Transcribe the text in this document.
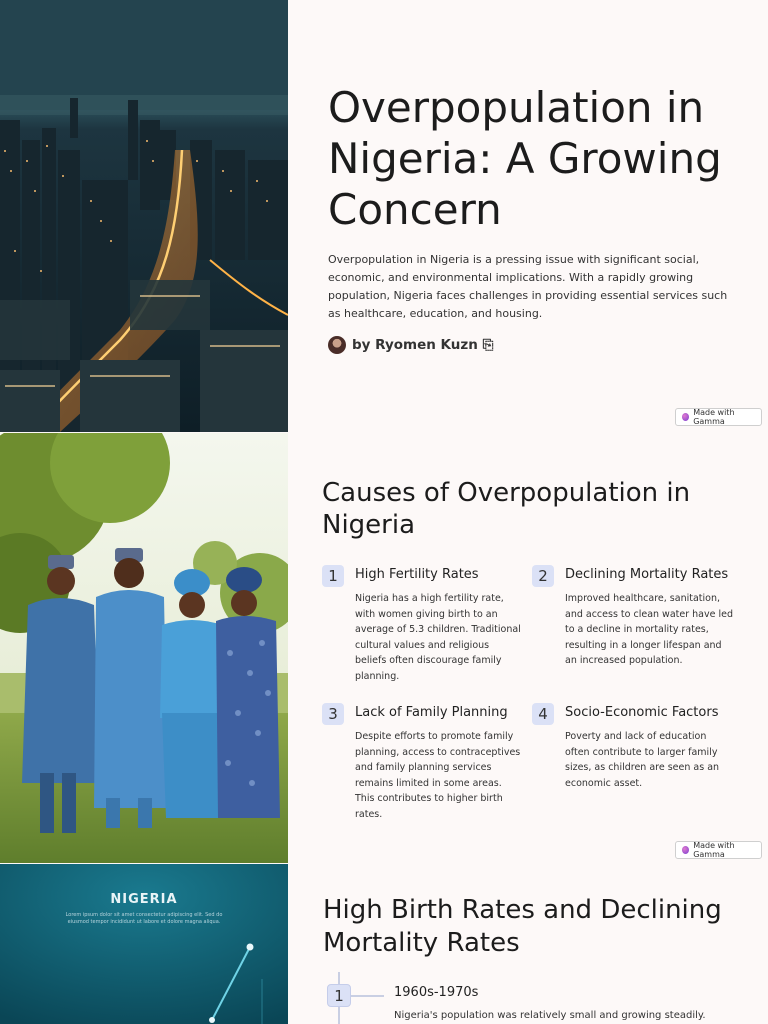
Overpopulation in Nigeria: A Growing Concern

Overpopulation in Nigeria is a pressing issue with significant social, economic, and environmental implications. With a rapidly growing population, Nigeria faces challenges in providing essential services such as healthcare, education, and housing.

by Ryomen Kuzn ⎘
Made with Gamma
Causes of Overpopulation in Nigeria
1	High Fertility Rates

Nigeria has a high fertility rate, with women giving birth to an average of 5.3 children. Traditional cultural values and religious beliefs often discourage family planning.

2	Declining Mortality Rates

Improved healthcare, sanitation, and access to clean water have led to a decline in mortality rates, resulting in a longer lifespan and an increased population.

3	Lack of Family Planning

Despite efforts to promote family planning, access to contraceptives and family planning services remains limited in some areas. This contributes to higher birth rates.

4	Socio-Economic Factors

Poverty and lack of education often contribute to larger family sizes, as children are seen as an economic asset.

Made with Gamma
NIGERIA
Lorem ipsum dolor sit amet consectetur adipiscing elit. Sed do eiusmod tempor incididunt ut labore et dolore magna aliqua.	High Birth Rates and Declining Mortality Rates
1	1960s-1970s
Nigeria's population was relatively small and growing steadily.
